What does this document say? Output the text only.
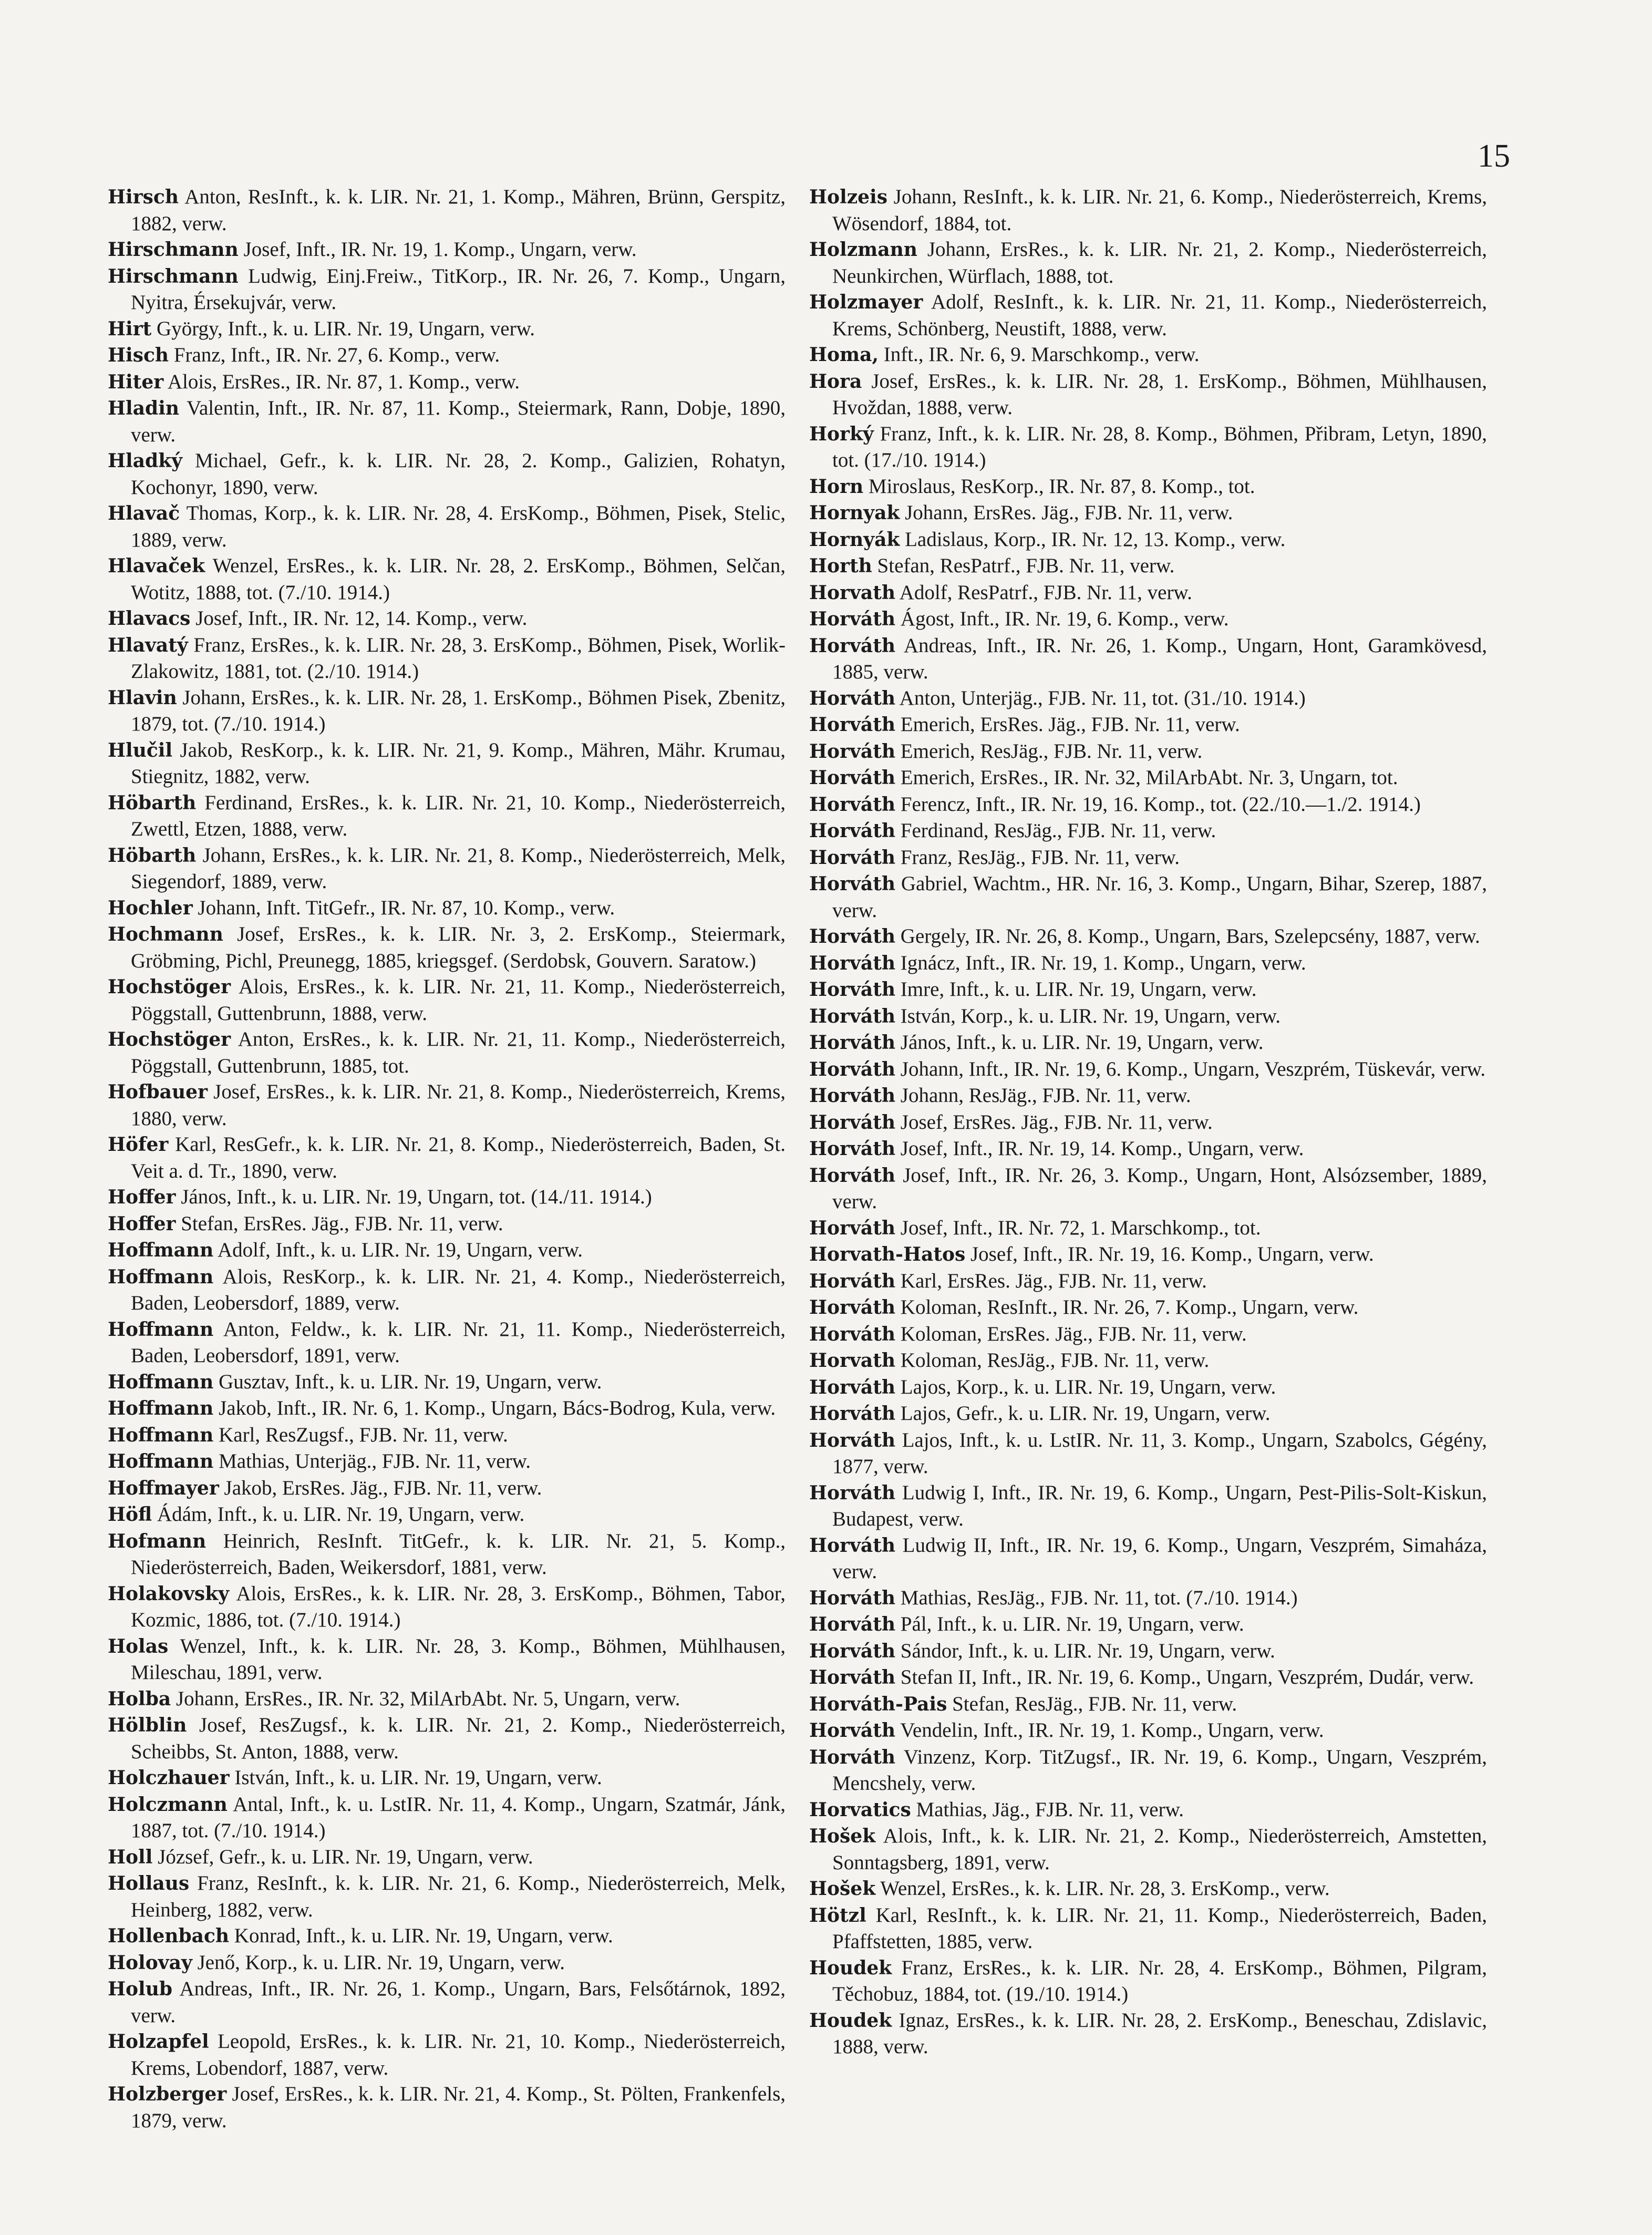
15

Hirsch Anton, ResInft., k. k. LIR. Nr. 21, 1. Komp., Mähren, Brünn, Gerspitz, 1882, verw.

Hirschmann Josef, Inft., IR. Nr. 19, 1. Komp., Ungarn, verw.

Hirschmann Ludwig, Einj.Freiw., TitKorp., IR. Nr. 26, 7. Komp., Ungarn, Nyitra, Érsekujvár, verw.

Hirt György, Inft., k. u. LIR. Nr. 19, Ungarn, verw.

Hisch Franz, Inft., IR. Nr. 27, 6. Komp., verw.

Hiter Alois, ErsRes., IR. Nr. 87, 1. Komp., verw.

Hladin Valentin, Inft., IR. Nr. 87, 11. Komp., Steiermark, Rann, Dobje, 1890, verw.

Hladký Michael, Gefr., k. k. LIR. Nr. 28, 2. Komp., Galizien, Rohatyn, Kochonyr, 1890, verw.

Hlavač Thomas, Korp., k. k. LIR. Nr. 28, 4. ErsKomp., Böhmen, Pisek, Stelic, 1889, verw.

Hlavaček Wenzel, ErsRes., k. k. LIR. Nr. 28, 2. ErsKomp., Böhmen, Selčan, Wotitz, 1888, tot. (7./10. 1914.)

Hlavacs Josef, Inft., IR. Nr. 12, 14. Komp., verw.

Hlavatý Franz, ErsRes., k. k. LIR. Nr. 28, 3. ErsKomp., Böhmen, Pisek, Worlik-Zlakowitz, 1881, tot. (2./10. 1914.)

Hlavin Johann, ErsRes., k. k. LIR. Nr. 28, 1. ErsKomp., Böhmen Pisek, Zbenitz, 1879, tot. (7./10. 1914.)

Hlučil Jakob, ResKorp., k. k. LIR. Nr. 21, 9. Komp., Mähren, Mähr. Krumau, Stiegnitz, 1882, verw.

Höbarth Ferdinand, ErsRes., k. k. LIR. Nr. 21, 10. Komp., Niederösterreich, Zwettl, Etzen, 1888, verw.

Höbarth Johann, ErsRes., k. k. LIR. Nr. 21, 8. Komp., Niederösterreich, Melk, Siegendorf, 1889, verw.

Hochler Johann, Inft. TitGefr., IR. Nr. 87, 10. Komp., verw.

Hochmann Josef, ErsRes., k. k. LIR. Nr. 3, 2. ErsKomp., Steiermark, Gröbming, Pichl, Preunegg, 1885, kriegsgef. (Serdobsk, Gouvern. Saratow.)

Hochstöger Alois, ErsRes., k. k. LIR. Nr. 21, 11. Komp., Niederösterreich, Pöggstall, Guttenbrunn, 1888, verw.

Hochstöger Anton, ErsRes., k. k. LIR. Nr. 21, 11. Komp., Niederösterreich, Pöggstall, Guttenbrunn, 1885, tot.

Hofbauer Josef, ErsRes., k. k. LIR. Nr. 21, 8. Komp., Niederösterreich, Krems, 1880, verw.

Höfer Karl, ResGefr., k. k. LIR. Nr. 21, 8. Komp., Niederösterreich, Baden, St. Veit a. d. Tr., 1890, verw.

Hoffer János, Inft., k. u. LIR. Nr. 19, Ungarn, tot. (14./11. 1914.)

Hoffer Stefan, ErsRes. Jäg., FJB. Nr. 11, verw.

Hoffmann Adolf, Inft., k. u. LIR. Nr. 19, Ungarn, verw.

Hoffmann Alois, ResKorp., k. k. LIR. Nr. 21, 4. Komp., Niederösterreich, Baden, Leobersdorf, 1889, verw.

Hoffmann Anton, Feldw., k. k. LIR. Nr. 21, 11. Komp., Niederösterreich, Baden, Leobersdorf, 1891, verw.

Hoffmann Gusztav, Inft., k. u. LIR. Nr. 19, Ungarn, verw.

Hoffmann Jakob, Inft., IR. Nr. 6, 1. Komp., Ungarn, Bács-Bodrog, Kula, verw.

Hoffmann Karl, ResZugsf., FJB. Nr. 11, verw.

Hoffmann Mathias, Unterjäg., FJB. Nr. 11, verw.

Hoffmayer Jakob, ErsRes. Jäg., FJB. Nr. 11, verw.

Höfl Ádám, Inft., k. u. LIR. Nr. 19, Ungarn, verw.

Hofmann Heinrich, ResInft. TitGefr., k. k. LIR. Nr. 21, 5. Komp., Niederösterreich, Baden, Weikersdorf, 1881, verw.

Holakovsky Alois, ErsRes., k. k. LIR. Nr. 28, 3. ErsKomp., Böhmen, Tabor, Kozmic, 1886, tot. (7./10. 1914.)

Holas Wenzel, Inft., k. k. LIR. Nr. 28, 3. Komp., Böhmen, Mühlhausen, Mileschau, 1891, verw.

Holba Johann, ErsRes., IR. Nr. 32, MilArbAbt. Nr. 5, Ungarn, verw.

Hölblin Josef, ResZugsf., k. k. LIR. Nr. 21, 2. Komp., Niederösterreich, Scheibbs, St. Anton, 1888, verw.

Holczhauer István, Inft., k. u. LIR. Nr. 19, Ungarn, verw.

Holczmann Antal, Inft., k. u. LstIR. Nr. 11, 4. Komp., Ungarn, Szatmár, Jánk, 1887, tot. (7./10. 1914.)

Holl József, Gefr., k. u. LIR. Nr. 19, Ungarn, verw.

Hollaus Franz, ResInft., k. k. LIR. Nr. 21, 6. Komp., Niederösterreich, Melk, Heinberg, 1882, verw.

Hollenbach Konrad, Inft., k. u. LIR. Nr. 19, Ungarn, verw.

Holovay Jenő, Korp., k. u. LIR. Nr. 19, Ungarn, verw.

Holub Andreas, Inft., IR. Nr. 26, 1. Komp., Ungarn, Bars, Felsőtárnok, 1892, verw.

Holzapfel Leopold, ErsRes., k. k. LIR. Nr. 21, 10. Komp., Niederösterreich, Krems, Lobendorf, 1887, verw.

Holzberger Josef, ErsRes., k. k. LIR. Nr. 21, 4. Komp., St. Pölten, Frankenfels, 1879, verw.

Holzeis Johann, ResInft., k. k. LIR. Nr. 21, 6. Komp., Niederösterreich, Krems, Wösendorf, 1884, tot.

Holzmann Johann, ErsRes., k. k. LIR. Nr. 21, 2. Komp., Niederösterreich, Neunkirchen, Würflach, 1888, tot.

Holzmayer Adolf, ResInft., k. k. LIR. Nr. 21, 11. Komp., Niederösterreich, Krems, Schönberg, Neustift, 1888, verw.

Homa, Inft., IR. Nr. 6, 9. Marschkomp., verw.

Hora Josef, ErsRes., k. k. LIR. Nr. 28, 1. ErsKomp., Böhmen, Mühlhausen, Hvoždan, 1888, verw.

Horký Franz, Inft., k. k. LIR. Nr. 28, 8. Komp., Böhmen, Přibram, Letyn, 1890, tot. (17./10. 1914.)

Horn Miroslaus, ResKorp., IR. Nr. 87, 8. Komp., tot.

Hornyak Johann, ErsRes. Jäg., FJB. Nr. 11, verw.

Hornyák Ladislaus, Korp., IR. Nr. 12, 13. Komp., verw.

Horth Stefan, ResPatrf., FJB. Nr. 11, verw.

Horvath Adolf, ResPatrf., FJB. Nr. 11, verw.

Horváth Ágost, Inft., IR. Nr. 19, 6. Komp., verw.

Horváth Andreas, Inft., IR. Nr. 26, 1. Komp., Ungarn, Hont, Garamkövesd, 1885, verw.

Horváth Anton, Unterjäg., FJB. Nr. 11, tot. (31./10. 1914.)

Horváth Emerich, ErsRes. Jäg., FJB. Nr. 11, verw.

Horváth Emerich, ResJäg., FJB. Nr. 11, verw.

Horváth Emerich, ErsRes., IR. Nr. 32, MilArbAbt. Nr. 3, Ungarn, tot.

Horváth Ferencz, Inft., IR. Nr. 19, 16. Komp., tot. (22./10.—1./2. 1914.)

Horváth Ferdinand, ResJäg., FJB. Nr. 11, verw.

Horváth Franz, ResJäg., FJB. Nr. 11, verw.

Horváth Gabriel, Wachtm., HR. Nr. 16, 3. Komp., Ungarn, Bihar, Szerep, 1887, verw.

Horváth Gergely, IR. Nr. 26, 8. Komp., Ungarn, Bars, Szelepcsény, 1887, verw.

Horváth Ignácz, Inft., IR. Nr. 19, 1. Komp., Ungarn, verw.

Horváth Imre, Inft., k. u. LIR. Nr. 19, Ungarn, verw.

Horváth István, Korp., k. u. LIR. Nr. 19, Ungarn, verw.

Horváth János, Inft., k. u. LIR. Nr. 19, Ungarn, verw.

Horváth Johann, Inft., IR. Nr. 19, 6. Komp., Ungarn, Veszprém, Tüskevár, verw.

Horváth Johann, ResJäg., FJB. Nr. 11, verw.

Horváth Josef, ErsRes. Jäg., FJB. Nr. 11, verw.

Horváth Josef, Inft., IR. Nr. 19, 14. Komp., Ungarn, verw.

Horváth Josef, Inft., IR. Nr. 26, 3. Komp., Ungarn, Hont, Alsózsember, 1889, verw.

Horváth Josef, Inft., IR. Nr. 72, 1. Marschkomp., tot.

Horvath-Hatos Josef, Inft., IR. Nr. 19, 16. Komp., Ungarn, verw.

Horváth Karl, ErsRes. Jäg., FJB. Nr. 11, verw.

Horváth Koloman, ResInft., IR. Nr. 26, 7. Komp., Ungarn, verw.

Horváth Koloman, ErsRes. Jäg., FJB. Nr. 11, verw.

Horvath Koloman, ResJäg., FJB. Nr. 11, verw.

Horváth Lajos, Korp., k. u. LIR. Nr. 19, Ungarn, verw.

Horváth Lajos, Gefr., k. u. LIR. Nr. 19, Ungarn, verw.

Horváth Lajos, Inft., k. u. LstIR. Nr. 11, 3. Komp., Ungarn, Szabolcs, Gégény, 1877, verw.

Horváth Ludwig I, Inft., IR. Nr. 19, 6. Komp., Ungarn, Pest-Pilis-Solt-Kiskun, Budapest, verw.

Horváth Ludwig II, Inft., IR. Nr. 19, 6. Komp., Ungarn, Veszprém, Simaháza, verw.

Horváth Mathias, ResJäg., FJB. Nr. 11, tot. (7./10. 1914.)

Horváth Pál, Inft., k. u. LIR. Nr. 19, Ungarn, verw.

Horváth Sándor, Inft., k. u. LIR. Nr. 19, Ungarn, verw.

Horváth Stefan II, Inft., IR. Nr. 19, 6. Komp., Ungarn, Veszprém, Dudár, verw.

Horváth-Pais Stefan, ResJäg., FJB. Nr. 11, verw.

Horváth Vendelin, Inft., IR. Nr. 19, 1. Komp., Ungarn, verw.

Horváth Vinzenz, Korp. TitZugsf., IR. Nr. 19, 6. Komp., Ungarn, Veszprém, Mencshely, verw.

Horvatics Mathias, Jäg., FJB. Nr. 11, verw.

Hošek Alois, Inft., k. k. LIR. Nr. 21, 2. Komp., Niederösterreich, Amstetten, Sonntagsberg, 1891, verw.

Hošek Wenzel, ErsRes., k. k. LIR. Nr. 28, 3. ErsKomp., verw.

Hötzl Karl, ResInft., k. k. LIR. Nr. 21, 11. Komp., Niederösterreich, Baden, Pfaffstetten, 1885, verw.

Houdek Franz, ErsRes., k. k. LIR. Nr. 28, 4. ErsKomp., Böhmen, Pilgram, Těchobuz, 1884, tot. (19./10. 1914.)

Houdek Ignaz, ErsRes., k. k. LIR. Nr. 28, 2. ErsKomp., Beneschau, Zdislavic, 1888, verw.
